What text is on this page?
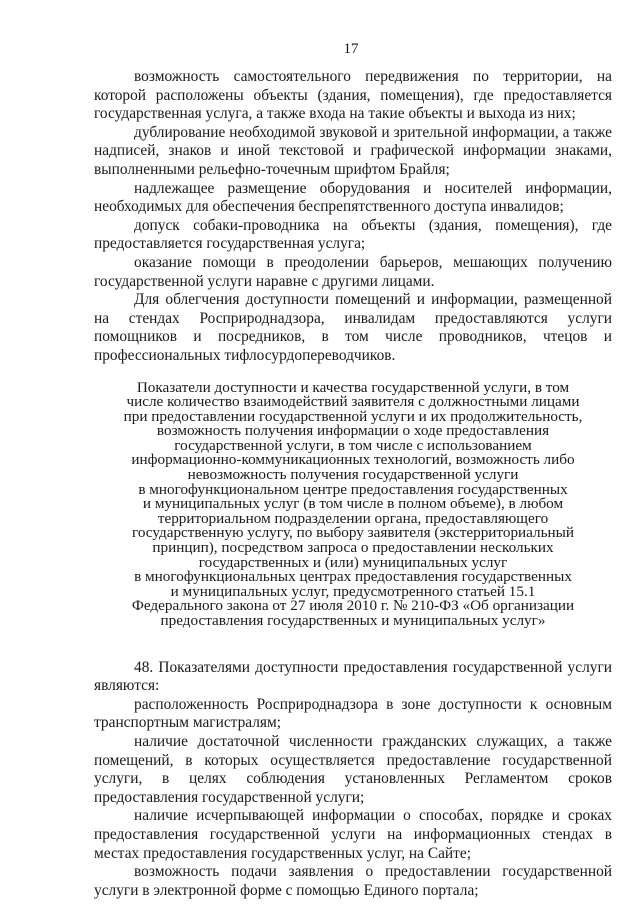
17

возможность самостоятельного передвижения по территории, на которой расположены объекты (здания, помещения), где предоставляется государственная услуга, а также входа на такие объекты и выхода из них;

дублирование необходимой звуковой и зрительной информации, а также надписей, знаков и иной текстовой и графической информации знаками, выполненными рельефно-точечным шрифтом Брайля;

надлежащее размещение оборудования и носителей информации, необходимых для обеспечения беспрепятственного доступа инвалидов;

допуск собаки-проводника на объекты (здания, помещения), где предоставляется государственная услуга;

оказание помощи в преодолении барьеров, мешающих получению государственной услуги наравне с другими лицами.

Для облегчения доступности помещений и информации, размещенной на стендах Росприроднадзора, инвалидам предоставляются услуги помощников и посредников, в том числе проводников, чтецов и профессиональных тифлосурдопереводчиков.

Показатели доступности и качества государственной услуги, в том
числе количество взаимодействий заявителя с должностными лицами
при предоставлении государственной услуги и их продолжительность,
возможность получения информации о ходе предоставления
государственной услуги, в том числе с использованием
информационно-коммуникационных технологий, возможность либо
невозможность получения государственной услуги
в многофункциональном центре предоставления государственных
и муниципальных услуг (в том числе в полном объеме), в любом
территориальном подразделении органа, предоставляющего
государственную услугу, по выбору заявителя (экстерриториальный
принцип), посредством запроса о предоставлении нескольких
государственных и (или) муниципальных услуг
в многофункциональных центрах предоставления государственных
и муниципальных услуг, предусмотренного статьей 15.1
Федерального закона от 27 июля 2010 г. № 210-ФЗ «Об организации
предоставления государственных и муниципальных услуг»

48. Показателями доступности предоставления государственной услуги являются:

расположенность Росприроднадзора в зоне доступности к основным транспортным магистралям;

наличие достаточной численности гражданских служащих, а также помещений, в которых осуществляется предоставление государственной услуги, в целях соблюдения установленных Регламентом сроков предоставления государственной услуги;

наличие исчерпывающей информации о способах, порядке и сроках предоставления государственной услуги на информационных стендах в местах предоставления государственных услуг, на Сайте;

возможность подачи заявления о предоставлении государственной услуги в электронной форме с помощью Единого портала;
